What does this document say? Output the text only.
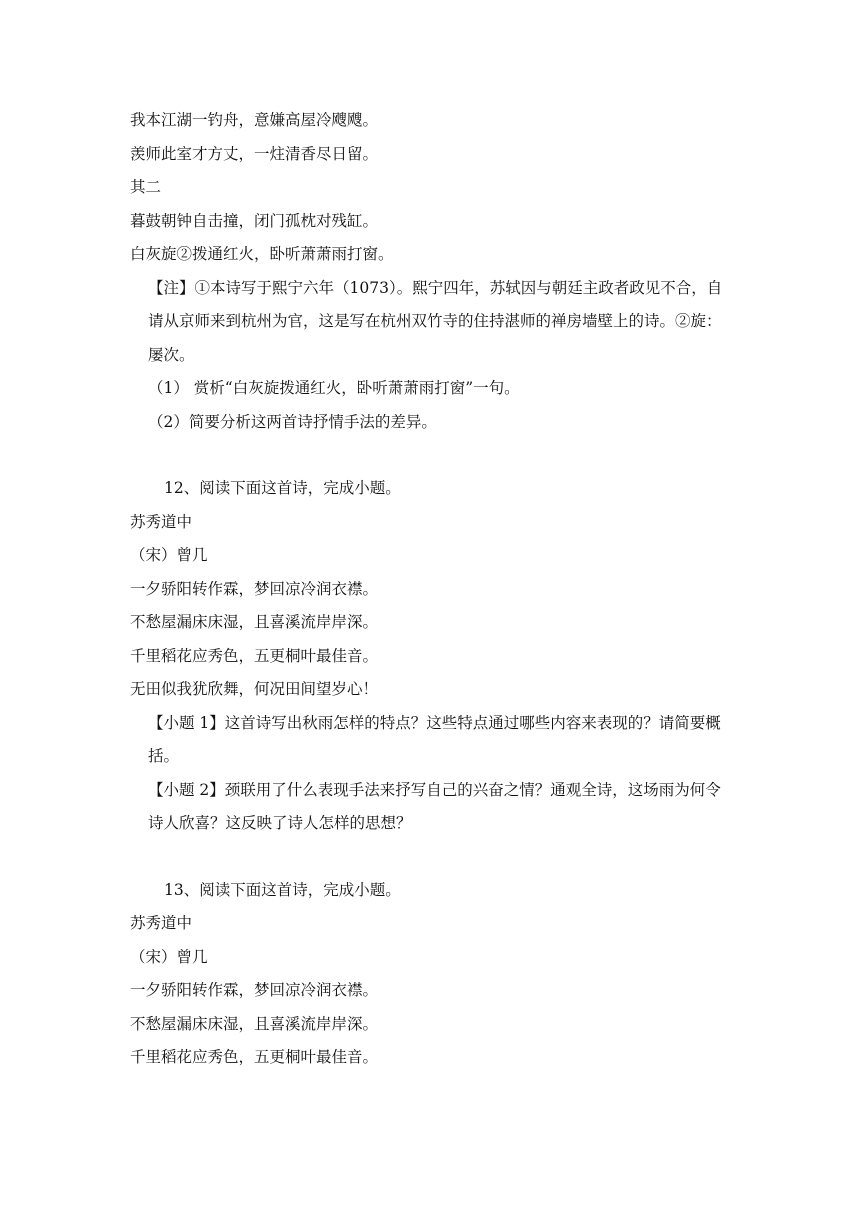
我本江湖一钓舟，意嫌高屋冷飕飕。
羡师此室才方丈，一炷清香尽日留。
其二
暮鼓朝钟自击撞，闭门孤枕对残缸。
白灰旋②拨通红火，卧听萧萧雨打窗。
【注】①本诗写于熙宁六年（1073）。熙宁四年，苏轼因与朝廷主政者政见不合，自请从京师来到杭州为官，这是写在杭州双竹寺的住持湛师的禅房墙壁上的诗。②旋：屡次。
（1） 赏析“白灰旋拨通红火，卧听萧萧雨打窗”一句。
（2）简要分析这两首诗抒情手法的差异。
12、阅读下面这首诗，完成小题。
苏秀道中
（宋）曾几
一夕骄阳转作霖，梦回凉冷润衣襟。
不愁屋漏床床湿，且喜溪流岸岸深。
千里稻花应秀色，五更桐叶最佳音。
无田似我犹欣舞，何况田间望岁心！
【小题 1】这首诗写出秋雨怎样的特点？这些特点通过哪些内容来表现的？请简要概括。
【小题 2】颈联用了什么表现手法来抒写自己的兴奋之情？通观全诗，这场雨为何令诗人欣喜？这反映了诗人怎样的思想？
13、阅读下面这首诗，完成小题。
苏秀道中
（宋）曾几
一夕骄阳转作霖，梦回凉冷润衣襟。
不愁屋漏床床湿，且喜溪流岸岸深。
千里稻花应秀色，五更桐叶最佳音。
